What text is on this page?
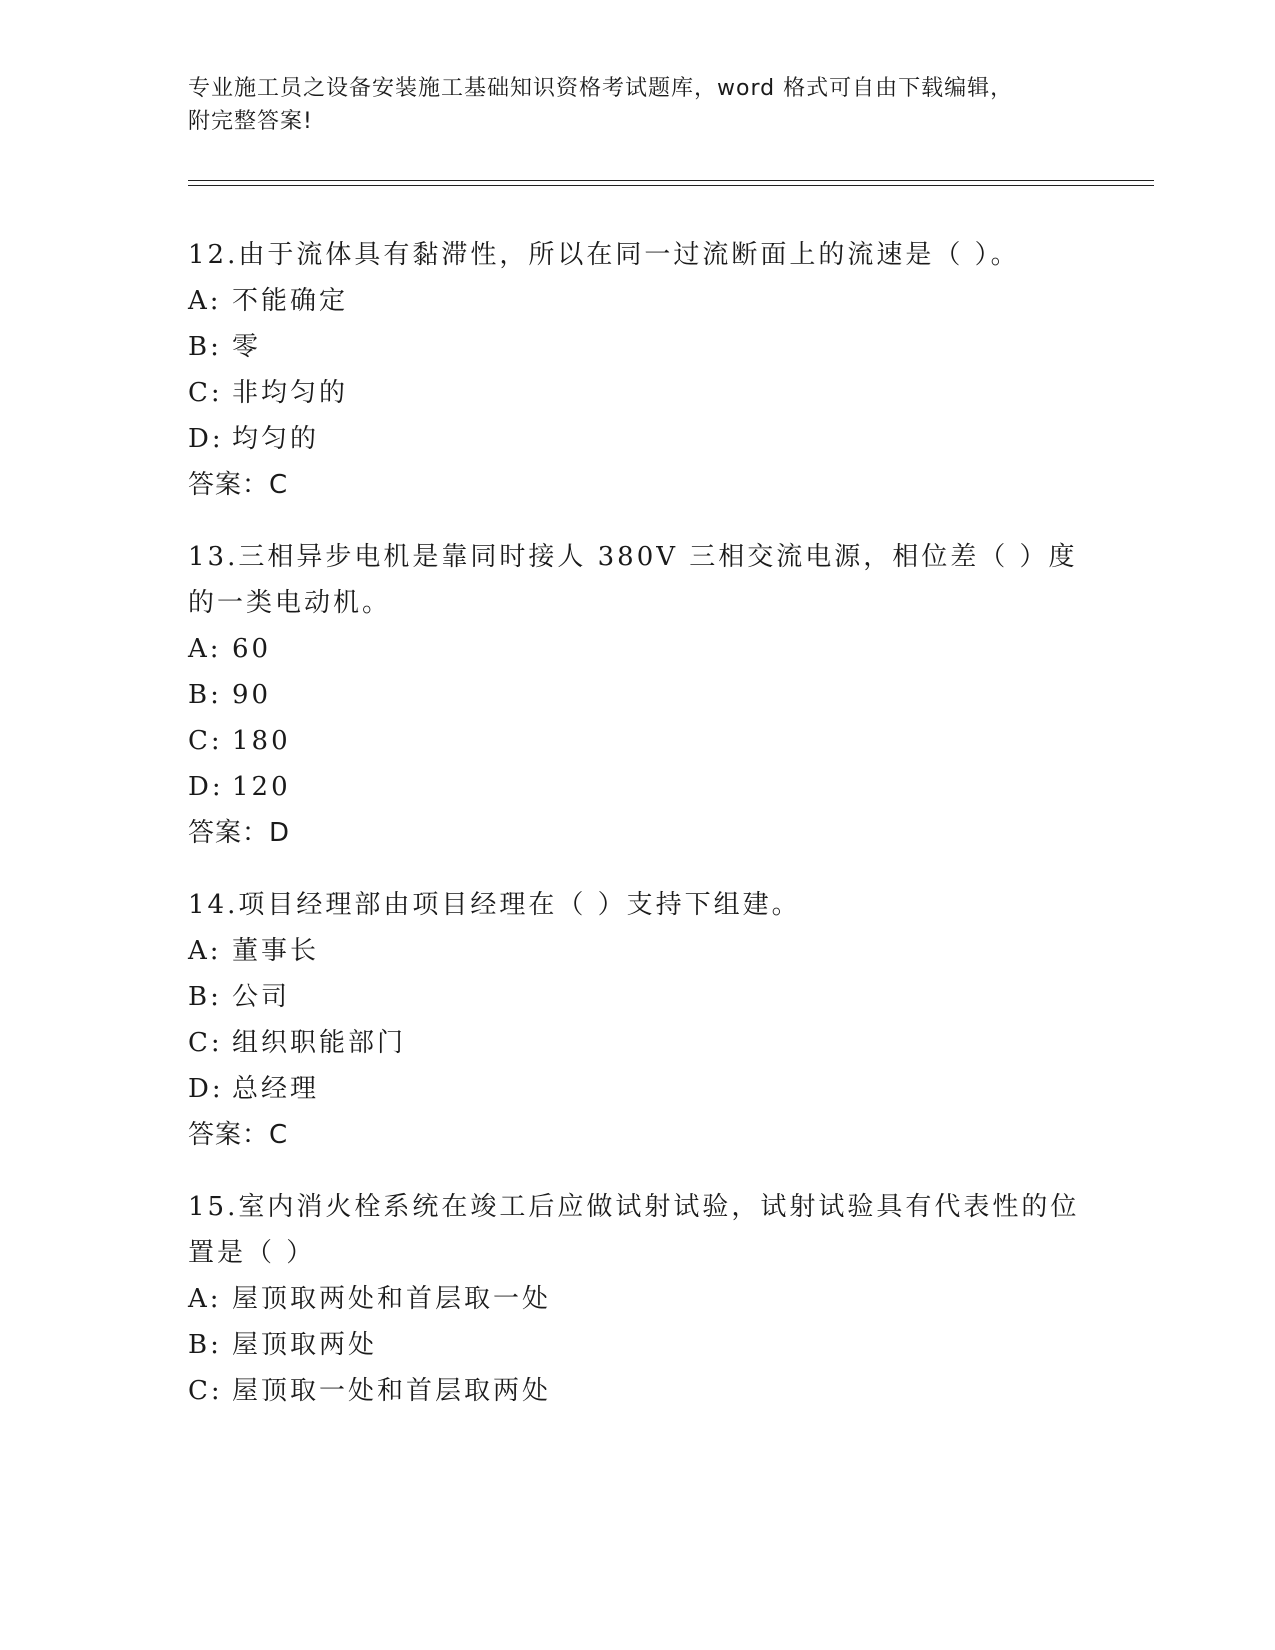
专业施工员之设备安装施工基础知识资格考试题库，word 格式可自由下载编辑，
附完整答案!

12.由于流体具有黏滞性，所以在同一过流断面上的流速是（ ）。

A: 不能确定

B: 零

C: 非均匀的

D: 均匀的

答案：C

13.三相异步电机是靠同时接人 380V 三相交流电源，相位差（ ）度的一类电动机。

A: 60

B: 90

C: 180

D: 120

答案：D

14.项目经理部由项目经理在（ ）支持下组建。

A: 董事长

B: 公司

C: 组织职能部门

D: 总经理

答案：C

15.室内消火栓系统在竣工后应做试射试验，试射试验具有代表性的位置是（ ）

A: 屋顶取两处和首层取一处

B: 屋顶取两处

C: 屋顶取一处和首层取两处
